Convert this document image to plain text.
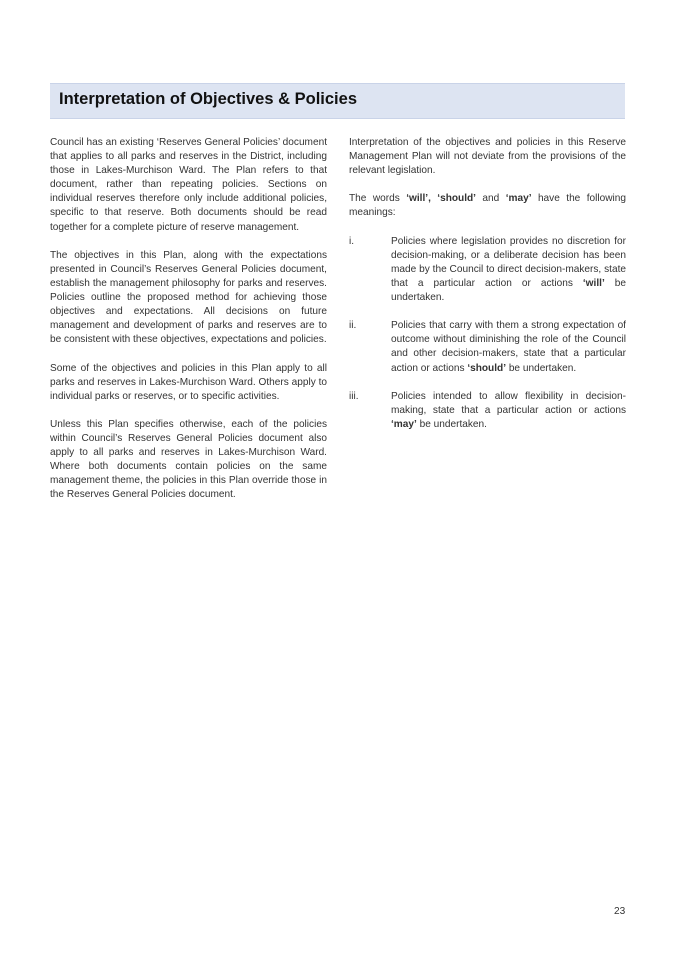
Interpretation of Objectives & Policies

Council has an existing ‘Reserves General Policies’ document that applies to all parks and reserves in the District, including those in Lakes-Murchison Ward. The Plan refers to that document, rather than repeating policies. Sections on individual reserves therefore only include additional policies, specific to that reserve. Both documents should be read together for a complete picture of reserve management.

The objectives in this Plan, along with the expectations presented in Council’s Reserves General Policies document, establish the management philosophy for parks and reserves. Policies outline the proposed method for achieving those objectives and expectations. All decisions on future management and development of parks and reserves are to be consistent with these objectives, expectations and policies.

Some of the objectives and policies in this Plan apply to all parks and reserves in Lakes-Murchison Ward. Others apply to individual parks or reserves, or to specific activities.

Unless this Plan specifies otherwise, each of the policies within Council’s Reserves General Policies document also apply to all parks and reserves in Lakes-Murchison Ward. Where both documents contain policies on the same management theme, the policies in this Plan override those in the Reserves General Policies document.

Interpretation of the objectives and policies in this Reserve Management Plan will not deviate from the provisions of the relevant legislation.

The words ‘will’, ‘should’ and ‘may’ have the following meanings:

i.	Policies where legislation provides no discretion for decision-making, or a deliberate decision has been made by the Council to direct decision-makers, state that a particular action or actions ‘will’ be undertaken.
ii.	Policies that carry with them a strong expectation of outcome without diminishing the role of the Council and other decision-makers, state that a particular action or actions ‘should’ be undertaken.
iii.	Policies intended to allow flexibility in decision-making, state that a particular action or actions ‘may’ be undertaken.
23
